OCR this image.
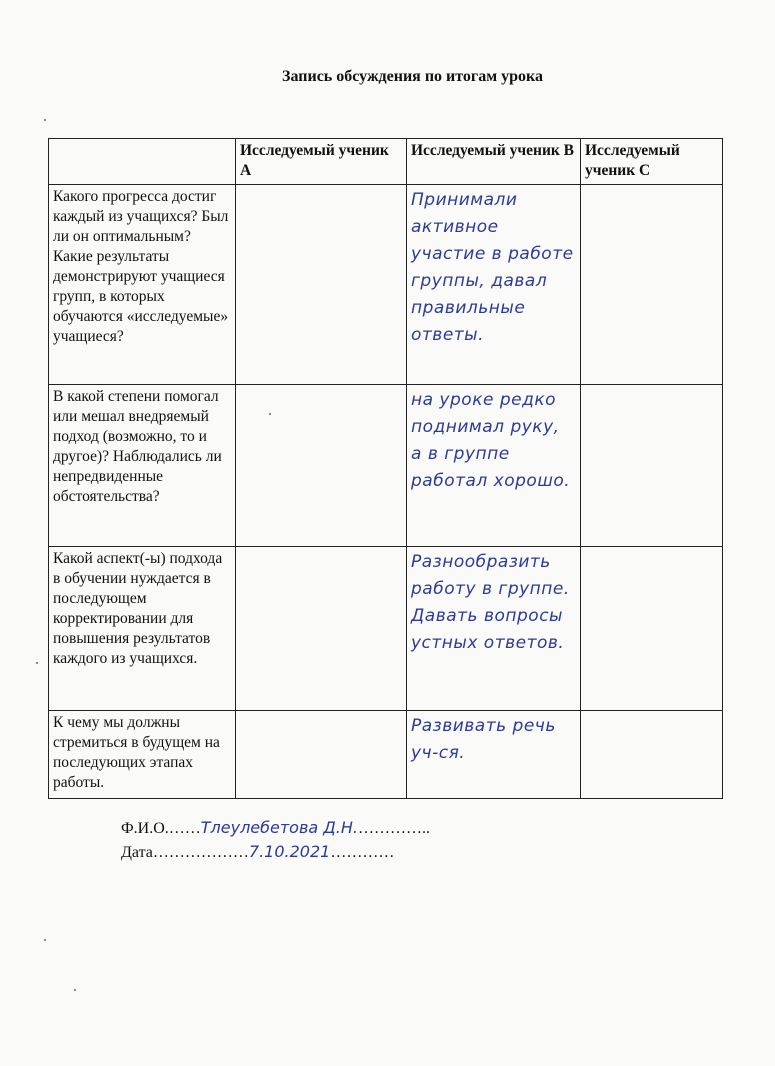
Запись обсуждения по итогам урока
	Исследуемый ученик А	Исследуемый ученик В	Исследуемый ученик С
Какого прогресса достиг каждый из учащихся? Был ли он оптимальным? Какие результаты демонстрируют учащиеся групп, в которых обучаются «исследуемые» учащиеся?		Принимали активное участие в работе группы, давал правильные ответы.	
В какой степени помогал или мешал внедряемый подход (возможно, то и другое)? Наблюдались ли непредвиденные обстоятельства?		на уроке редко поднимал руку, а в группе работал хорошо.	
Какой аспект(-ы) подхода в обучении нуждается в последующем корректировании для повышения результатов каждого из учащихся.		Разнообразить работу в группе. Давать вопросы устных ответов.	
К чему мы должны стремиться в будущем на последующих этапах работы.		Развивать речь уч-ся.	
Ф.И.О.……Тлеулебетова Д.Н.…………..
Дата………………7.10.2021…………
